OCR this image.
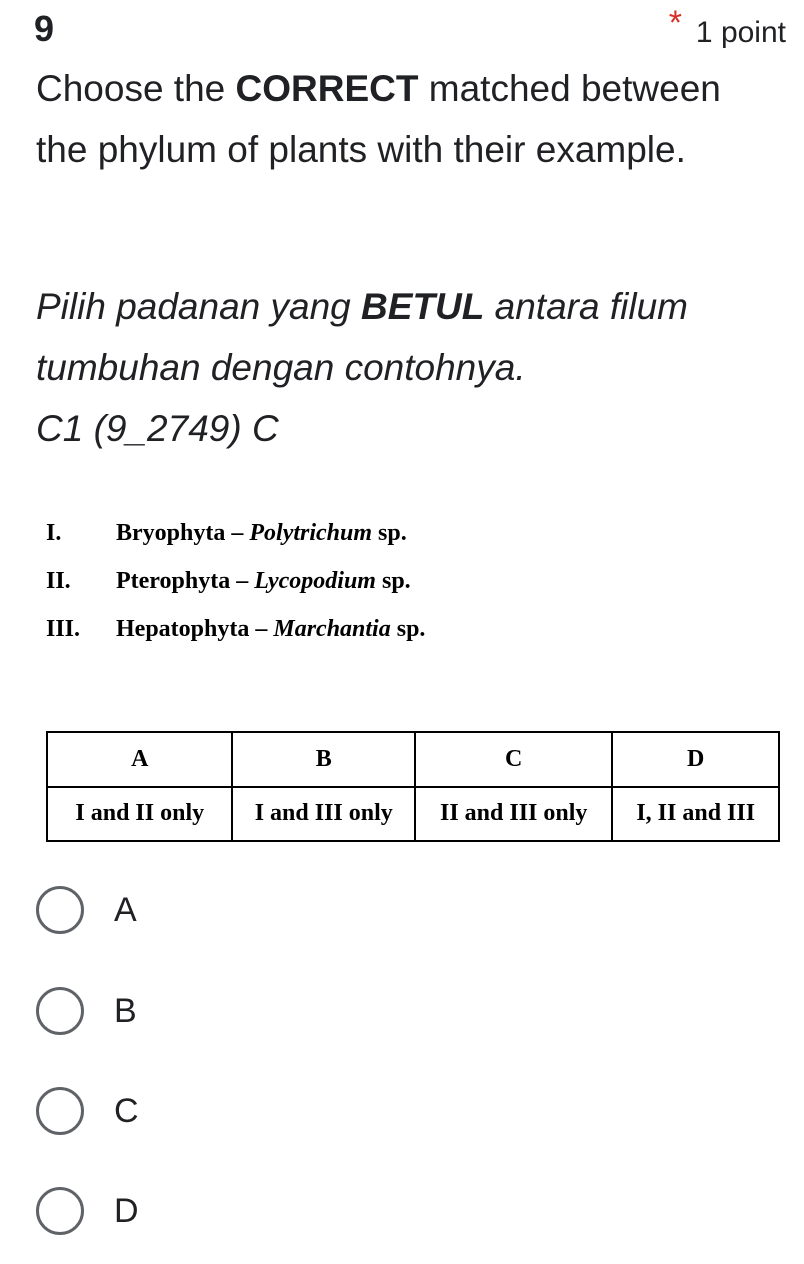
9	* 1 point
Choose the CORRECT matched between the phylum of plants with their example.
Pilih padanan yang BETUL antara filum tumbuhan dengan contohnya.
C1 (9_2749) C
I.	Bryophyta – Polytrichum sp.
II.	Pterophyta – Lycopodium sp.
III.	Hepatophyta – Marchantia sp.
A	B	C	D
I and II only	I and III only	II and III only	I, II and III
A
B
C
D
